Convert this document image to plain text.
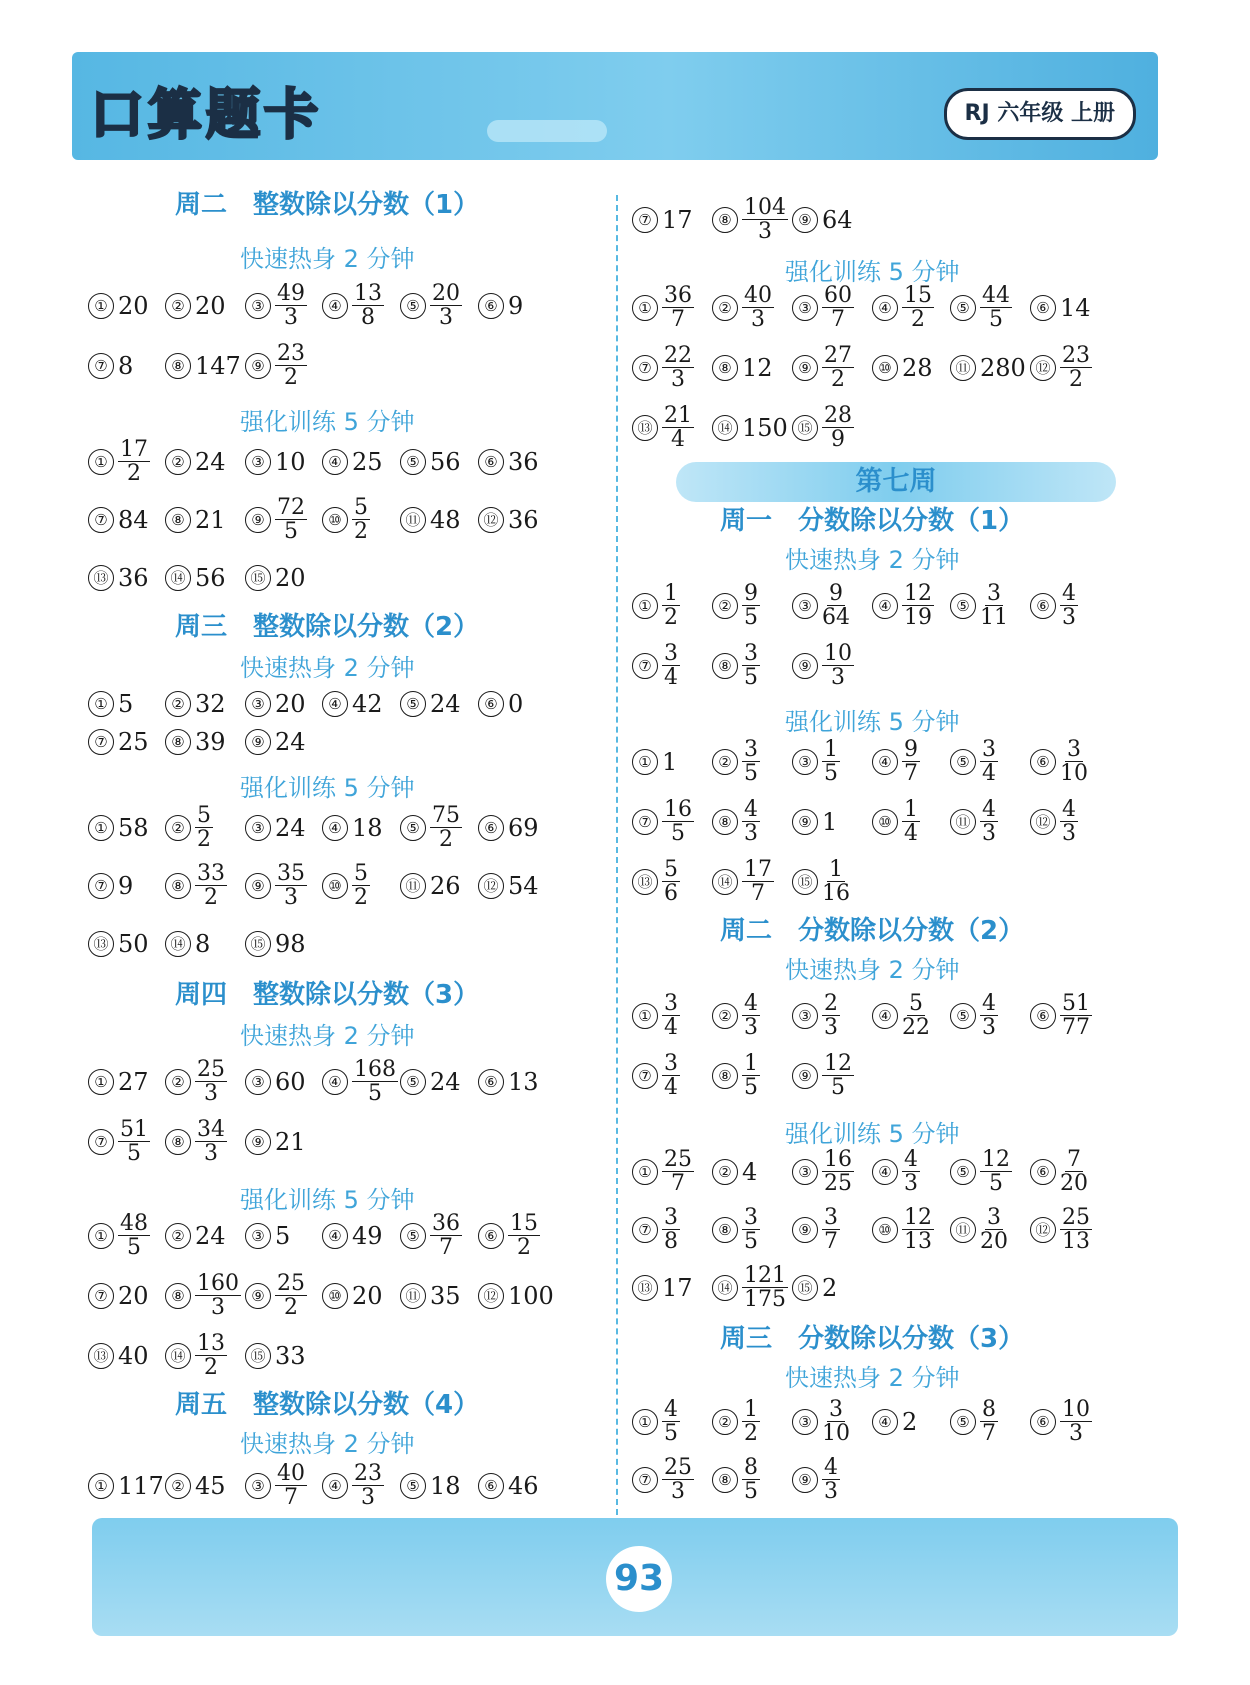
口算题卡	RJ 六年级 上册
周二　整数除以分数（1）
快速热身 2 分钟
① 20	② 20	③ $\frac{49}{3}$	④ $\frac{13}{8}$	⑤ $\frac{20}{3}$	⑥ 9
⑦ 8	⑧ 147 ⑨ $\frac{23}{2}$
强化训练 5 分钟
① $\frac{17}{2}$	② 24	③ 10	④ 25	⑤ 56	⑥ 36
⑦ 84	⑧ 21	⑨ $\frac{72}{5}$	⑩ $\frac{5}{2}$	⑪ 48	⑫ 36
⑬ 36	⑭ 56	⑮ 20
周三　整数除以分数（2）
快速热身 2 分钟
① 5	② 32	③ 20	④ 42	⑤ 24	⑥ 0
⑦ 25	⑧ 39	⑨ 24
强化训练 5 分钟
① 58	② $\frac{5}{2}$	③ 24	④ 18	⑤ $\frac{75}{2}$	⑥ 69
⑦ 9	⑧ $\frac{33}{2}$	⑨ $\frac{35}{3}$	⑩ $\frac{5}{2}$	⑪ 26	⑫ 54
⑬ 50	⑭ 8	⑮ 98
周四　整数除以分数（3）
快速热身 2 分钟
① 27	② $\frac{25}{3}$	③ 60	④ $\frac{168}{5}$ ⑤ 24	⑥ 13
⑦ $\frac{51}{5}$	⑧ $\frac{34}{3}$	⑨ 21
强化训练 5 分钟
① $\frac{48}{5}$	② 24	③ 5	④ 49	⑤ $\frac{36}{7}$	⑥ $\frac{15}{2}$
⑦ 20	⑧ $\frac{160}{3}$ ⑨ $\frac{25}{2}$	⑩ 20	⑪ 35	⑫ 100
⑬ 40	⑭ $\frac{13}{2}$	⑮ 33
周五　整数除以分数（4）
快速热身 2 分钟
① 117 ② 45	③ $\frac{40}{7}$	④ $\frac{23}{3}$	⑤ 18	⑥ 46
⑦ 17	⑧ $\frac{104}{3}$ ⑨ 64
强化训练 5 分钟
① $\frac{36}{7}$	② $\frac{40}{3}$	③ $\frac{60}{7}$	④ $\frac{15}{2}$	⑤ $\frac{44}{5}$	⑥ 14
⑦ $\frac{22}{3}$	⑧ 12	⑨ $\frac{27}{2}$	⑩ 28	⑪ 280 ⑫ $\frac{23}{2}$
⑬ $\frac{21}{4}$	⑭ 150 ⑮ $\frac{28}{9}$
周一　分数除以分数（1）
快速热身 2 分钟
① $\frac{1}{2}$	② $\frac{9}{5}$	③ $\frac{9}{64}$	④ $\frac{12}{19}$	⑤ $\frac{3}{11}$	⑥ $\frac{4}{3}$
⑦ $\frac{3}{4}$	⑧ $\frac{3}{5}$	⑨ $\frac{10}{3}$
强化训练 5 分钟
① 1	② $\frac{3}{5}$	③ $\frac{1}{5}$	④ $\frac{9}{7}$	⑤ $\frac{3}{4}$	⑥ $\frac{3}{10}$
⑦ $\frac{16}{5}$	⑧ $\frac{4}{3}$	⑨ 1	⑩ $\frac{1}{4}$	⑪ $\frac{4}{3}$	⑫ $\frac{4}{3}$
⑬ $\frac{5}{6}$	⑭ $\frac{17}{7}$	⑮ $\frac{1}{16}$
周二　分数除以分数（2）
快速热身 2 分钟
① $\frac{3}{4}$	② $\frac{4}{3}$	③ $\frac{2}{3}$	④ $\frac{5}{22}$	⑤ $\frac{4}{3}$	⑥ $\frac{51}{77}$
⑦ $\frac{3}{4}$	⑧ $\frac{1}{5}$	⑨ $\frac{12}{5}$
强化训练 5 分钟
① $\frac{25}{7}$	② 4	③ $\frac{16}{25}$	④ $\frac{4}{3}$	⑤ $\frac{12}{5}$	⑥ $\frac{7}{20}$
⑦ $\frac{3}{8}$	⑧ $\frac{3}{5}$	⑨ $\frac{3}{7}$	⑩ $\frac{12}{13}$	⑪ $\frac{3}{20}$	⑫ $\frac{25}{13}$
⑬ 17	⑭ $\frac{121}{175}$ ⑮ 2
周三　分数除以分数（3）
快速热身 2 分钟
① $\frac{4}{5}$	② $\frac{1}{2}$	③ $\frac{3}{10}$	④ 2	⑤ $\frac{8}{7}$	⑥ $\frac{10}{3}$
⑦ $\frac{25}{3}$	⑧ $\frac{8}{5}$	⑨ $\frac{4}{3}$
第七周
93
